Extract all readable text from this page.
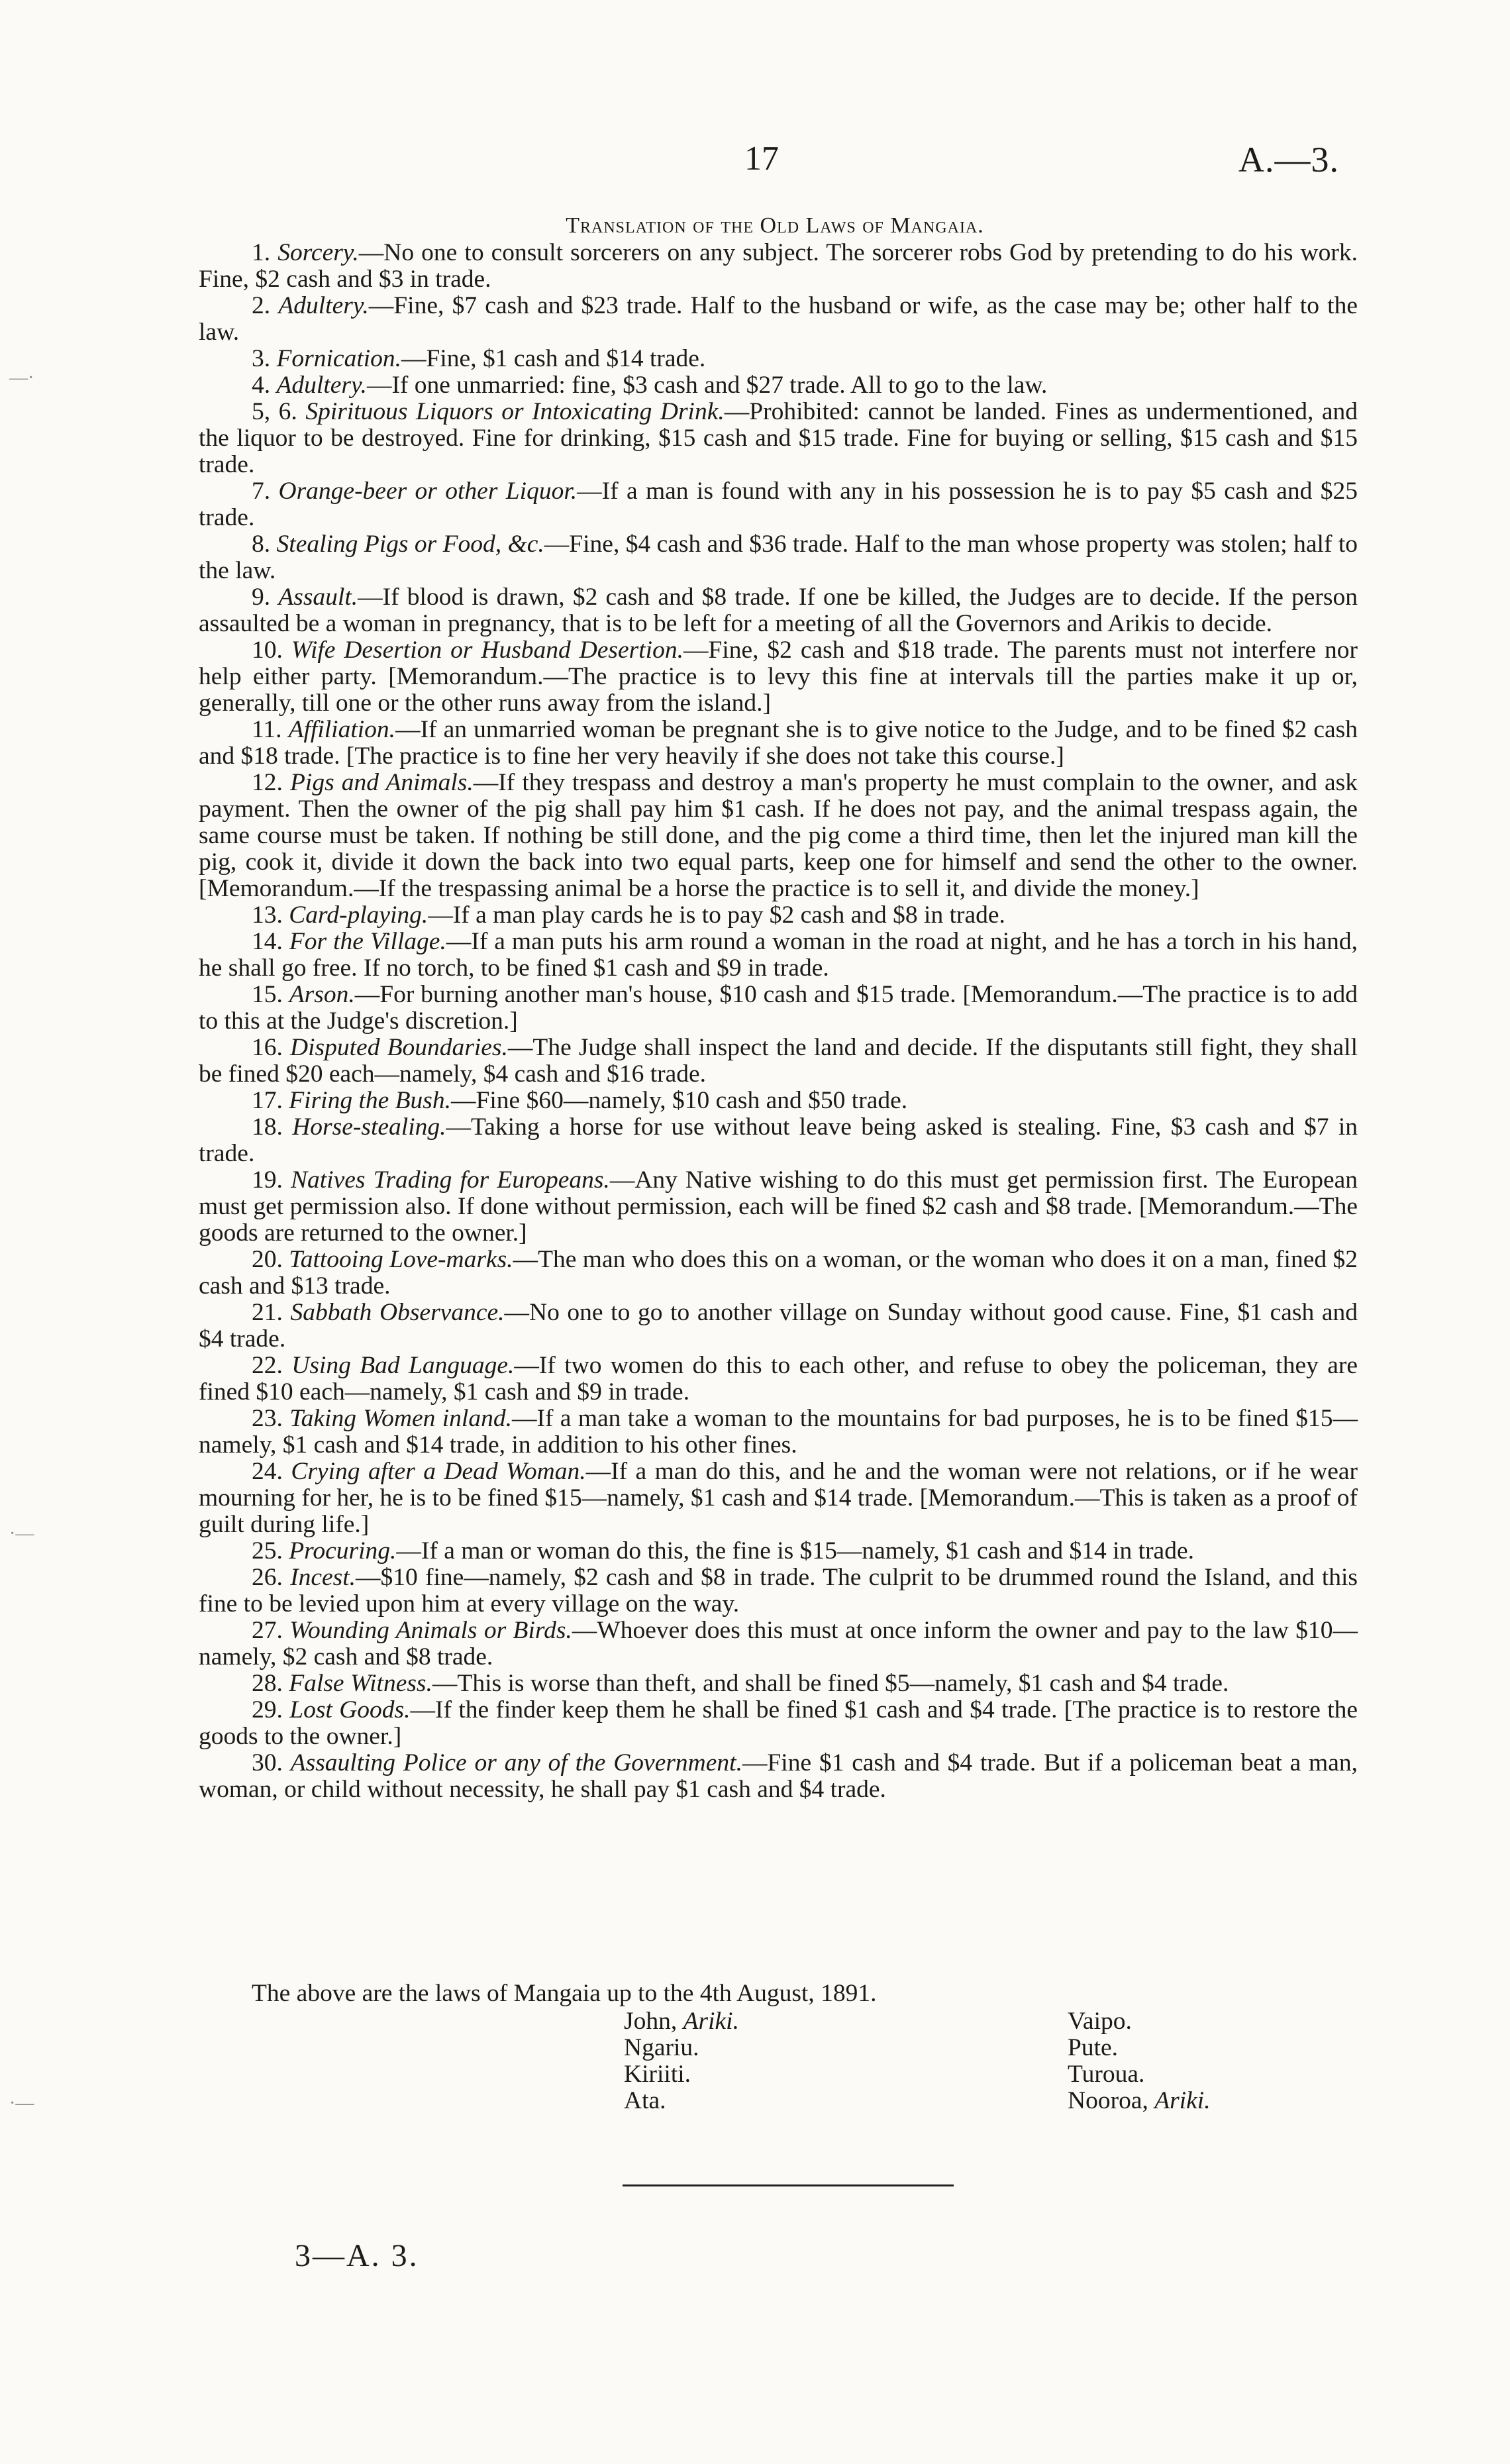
17	A.—3.
Translation of the Old Laws of Mangaia.

1. Sorcery.—No one to consult sorcerers on any subject. The sorcerer robs God by pretending to do his work. Fine, $2 cash and $3 in trade.

2. Adultery.—Fine, $7 cash and $23 trade. Half to the husband or wife, as the case may be; other half to the law.

3. Fornication.—Fine, $1 cash and $14 trade.

4. Adultery.—If one unmarried: fine, $3 cash and $27 trade. All to go to the law.

5, 6. Spirituous Liquors or Intoxicating Drink.—Prohibited: cannot be landed. Fines as undermentioned, and the liquor to be destroyed. Fine for drinking, $15 cash and $15 trade. Fine for buying or selling, $15 cash and $15 trade.

7. Orange-beer or other Liquor.—If a man is found with any in his possession he is to pay $5 cash and $25 trade.

8. Stealing Pigs or Food, &c.—Fine, $4 cash and $36 trade. Half to the man whose property was stolen; half to the law.

9. Assault.—If blood is drawn, $2 cash and $8 trade. If one be killed, the Judges are to decide. If the person assaulted be a woman in pregnancy, that is to be left for a meeting of all the Governors and Arikis to decide.

10. Wife Desertion or Husband Desertion.—Fine, $2 cash and $18 trade. The parents must not interfere nor help either party. [Memorandum.—The practice is to levy this fine at intervals till the parties make it up or, generally, till one or the other runs away from the island.]

11. Affiliation.—If an unmarried woman be pregnant she is to give notice to the Judge, and to be fined $2 cash and $18 trade. [The practice is to fine her very heavily if she does not take this course.]

12. Pigs and Animals.—If they trespass and destroy a man's property he must complain to the owner, and ask payment. Then the owner of the pig shall pay him $1 cash. If he does not pay, and the animal trespass again, the same course must be taken. If nothing be still done, and the pig come a third time, then let the injured man kill the pig, cook it, divide it down the back into two equal parts, keep one for himself and send the other to the owner. [Memorandum.—If the trespassing animal be a horse the practice is to sell it, and divide the money.]

13. Card-playing.—If a man play cards he is to pay $2 cash and $8 in trade.

14. For the Village.—If a man puts his arm round a woman in the road at night, and he has a torch in his hand, he shall go free. If no torch, to be fined $1 cash and $9 in trade.

15. Arson.—For burning another man's house, $10 cash and $15 trade. [Memorandum.—The practice is to add to this at the Judge's discretion.]

16. Disputed Boundaries.—The Judge shall inspect the land and decide. If the disputants still fight, they shall be fined $20 each—namely, $4 cash and $16 trade.

17. Firing the Bush.—Fine $60—namely, $10 cash and $50 trade.

18. Horse-stealing.—Taking a horse for use without leave being asked is stealing. Fine, $3 cash and $7 in trade.

19. Natives Trading for Europeans.—Any Native wishing to do this must get permission first. The European must get permission also. If done without permission, each will be fined $2 cash and $8 trade. [Memorandum.—The goods are returned to the owner.]

20. Tattooing Love-marks.—The man who does this on a woman, or the woman who does it on a man, fined $2 cash and $13 trade.

21. Sabbath Observance.—No one to go to another village on Sunday without good cause. Fine, $1 cash and $4 trade.

22. Using Bad Language.—If two women do this to each other, and refuse to obey the policeman, they are fined $10 each—namely, $1 cash and $9 in trade.

23. Taking Women inland.—If a man take a woman to the mountains for bad purposes, he is to be fined $15—namely, $1 cash and $14 trade, in addition to his other fines.

24. Crying after a Dead Woman.—If a man do this, and he and the woman were not relations, or if he wear mourning for her, he is to be fined $15—namely, $1 cash and $14 trade. [Memorandum.—This is taken as a proof of guilt during life.]

25. Procuring.—If a man or woman do this, the fine is $15—namely, $1 cash and $14 in trade.

26. Incest.—$10 fine—namely, $2 cash and $8 in trade. The culprit to be drummed round the Island, and this fine to be levied upon him at every village on the way.

27. Wounding Animals or Birds.—Whoever does this must at once inform the owner and pay to the law $10—namely, $2 cash and $8 trade.

28. False Witness.—This is worse than theft, and shall be fined $5—namely, $1 cash and $4 trade.

29. Lost Goods.—If the finder keep them he shall be fined $1 cash and $4 trade. [The practice is to restore the goods to the owner.]

30. Assaulting Police or any of the Government.—Fine $1 cash and $4 trade. But if a policeman beat a man, woman, or child without necessity, he shall pay $1 cash and $4 trade.

The above are the laws of Mangaia up to the 4th August, 1891.
John, Ariki.
Ngariu.
Kiriiti.
Ata.
Vaipo.
Pute.
Turoua.
Nooroa, Ariki.
3—A. 3.
—·
·—
·—
